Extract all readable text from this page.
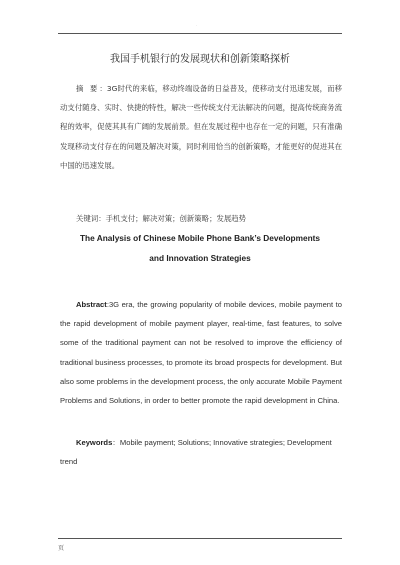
.
我国手机银行的发展现状和创新策略探析

摘 要：3G时代的来临，移动终端设备的日益普及，使移动支付迅速发展，而移动支付随身、实时、快捷的特性，解决一些传统支付无法解决的问题，提高传统商务流程的效率，促使其具有广阔的发展前景。但在发展过程中也存在一定的问题，只有准确发现移动支付存在的问题及解决对策，同时利用恰当的创新策略，才能更好的促进其在中国的迅速发展。

关键词：手机支付；解决对策；创新策略；发展趋势

The Analysis of Chinese Mobile Phone Bank’s Developments
and Innovation Strategies

Abstract:3G era, the growing popularity of mobile devices, mobile payment to the rapid development of mobile payment player, real-time, fast features, to solve some of the traditional payment can not be resolved to improve the efficiency of traditional business processes, to promote its broad prospects for development. But also some problems in the development process, the only accurate Mobile Payment Problems and Solutions, in order to better promote the rapid development in China.

Keywords：Mobile payment; Solutions; Innovative strategies; Development trend

页
